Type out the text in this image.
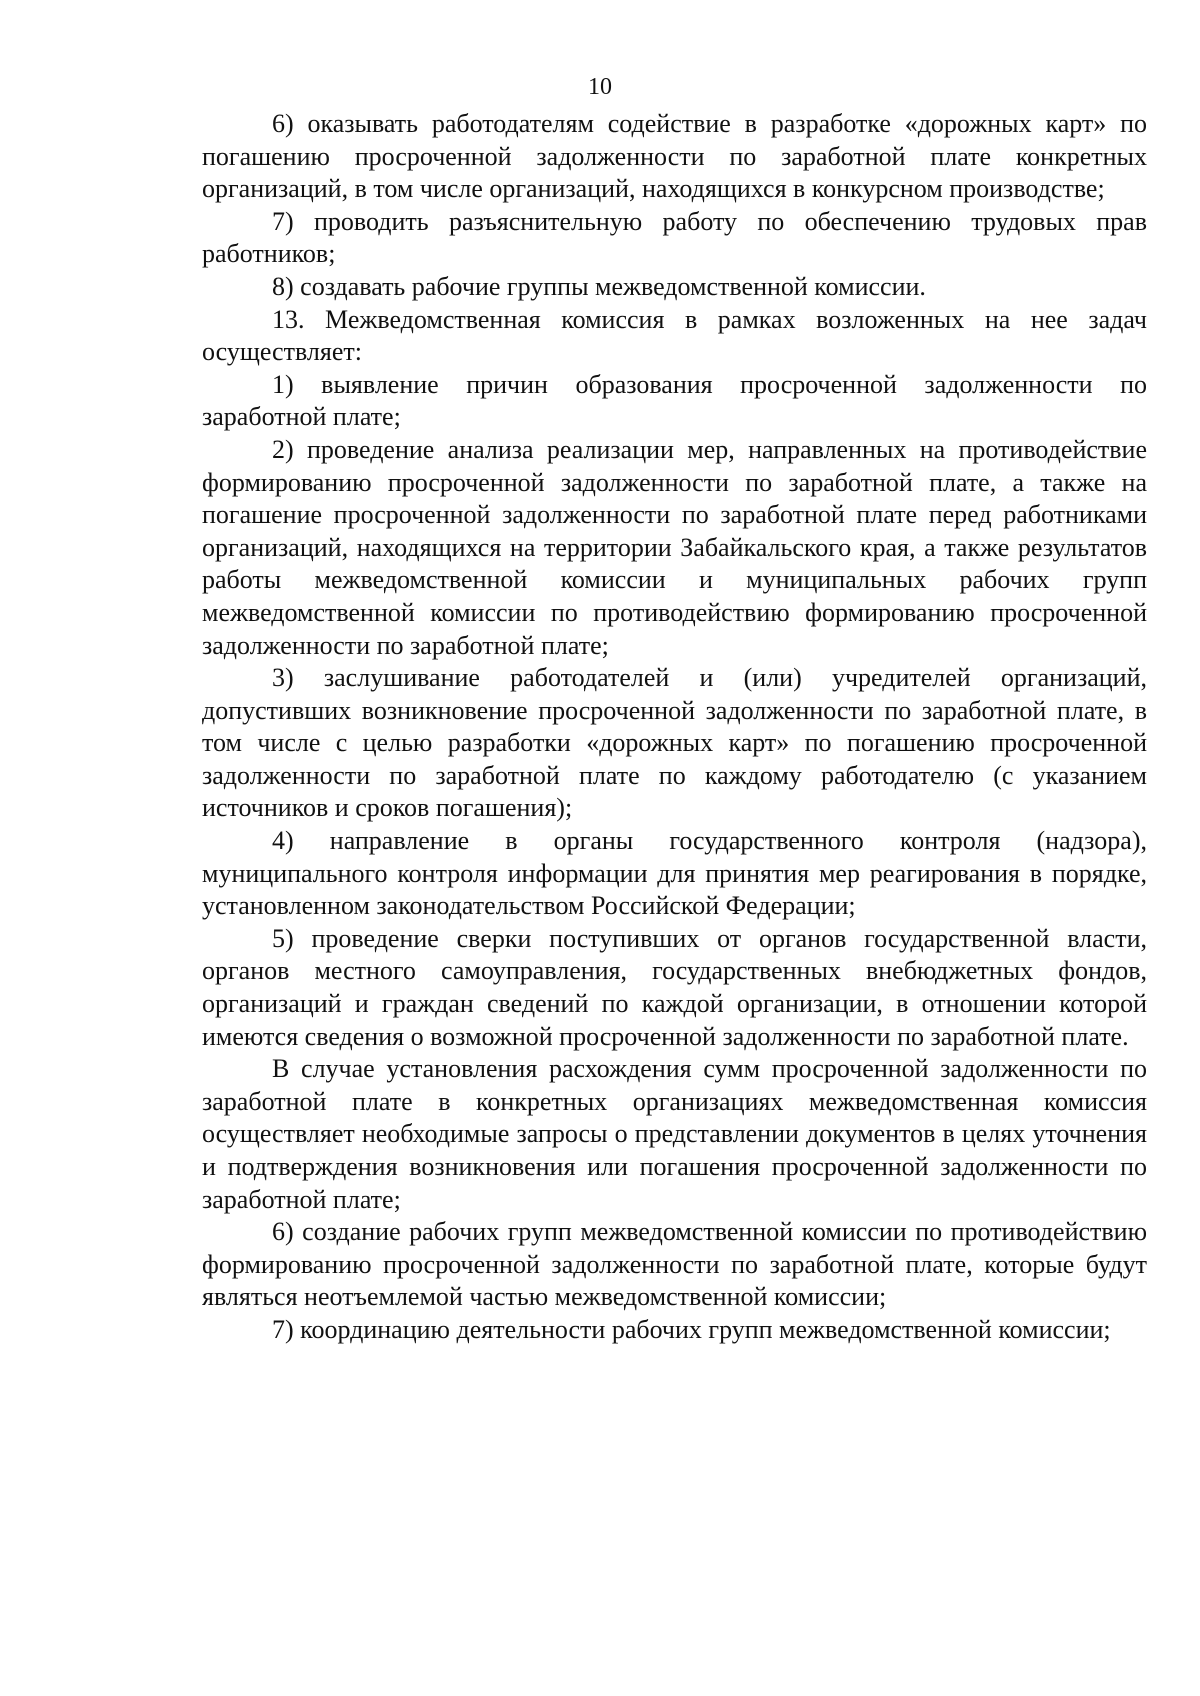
10

6) оказывать работодателям содействие в разработке «дорожных карт» по погашению просроченной задолженности по заработной плате конкретных организаций, в том числе организаций, находящихся в конкурсном производстве;

7) проводить разъяснительную работу по обеспечению трудовых прав работников;

8) создавать рабочие группы межведомственной комиссии.

13. Межведомственная комиссия в рамках возложенных на нее задач осуществляет:

1) выявление причин образования просроченной задолженности по заработной плате;

2) проведение анализа реализации мер, направленных на противодействие формированию просроченной задолженности по заработной плате, а также на погашение просроченной задолженности по заработной плате перед работниками организаций, находящихся на территории Забайкальского края, а также результатов работы межведомственной комиссии и муниципальных рабочих групп межведомственной комиссии по противодействию формированию просроченной задолженности по заработной плате;

3) заслушивание работодателей и (или) учредителей организаций, допустивших возникновение просроченной задолженности по заработной плате, в том числе с целью разработки «дорожных карт» по погашению просроченной задолженности по заработной плате по каждому работодателю (с указанием источников и сроков погашения);

4) направление в органы государственного контроля (надзора), муниципального контроля информации для принятия мер реагирования в порядке, установленном законодательством Российской Федерации;

5) проведение сверки поступивших от органов государственной власти, органов местного самоуправления, государственных внебюджетных фондов, организаций и граждан сведений по каждой организации, в отношении которой имеются сведения о возможной просроченной задолженности по заработной плате.

В случае установления расхождения сумм просроченной задолженности по заработной плате в конкретных организациях межведомственная комиссия осуществляет необходимые запросы о представлении документов в целях уточнения и подтверждения возникновения или погашения просроченной задолженности по заработной плате;

6) создание рабочих групп межведомственной комиссии по противодействию формированию просроченной задолженности по заработной плате, которые будут являться неотъемлемой частью межведомственной комиссии;

7) координацию деятельности рабочих групп межведомственной комиссии;
